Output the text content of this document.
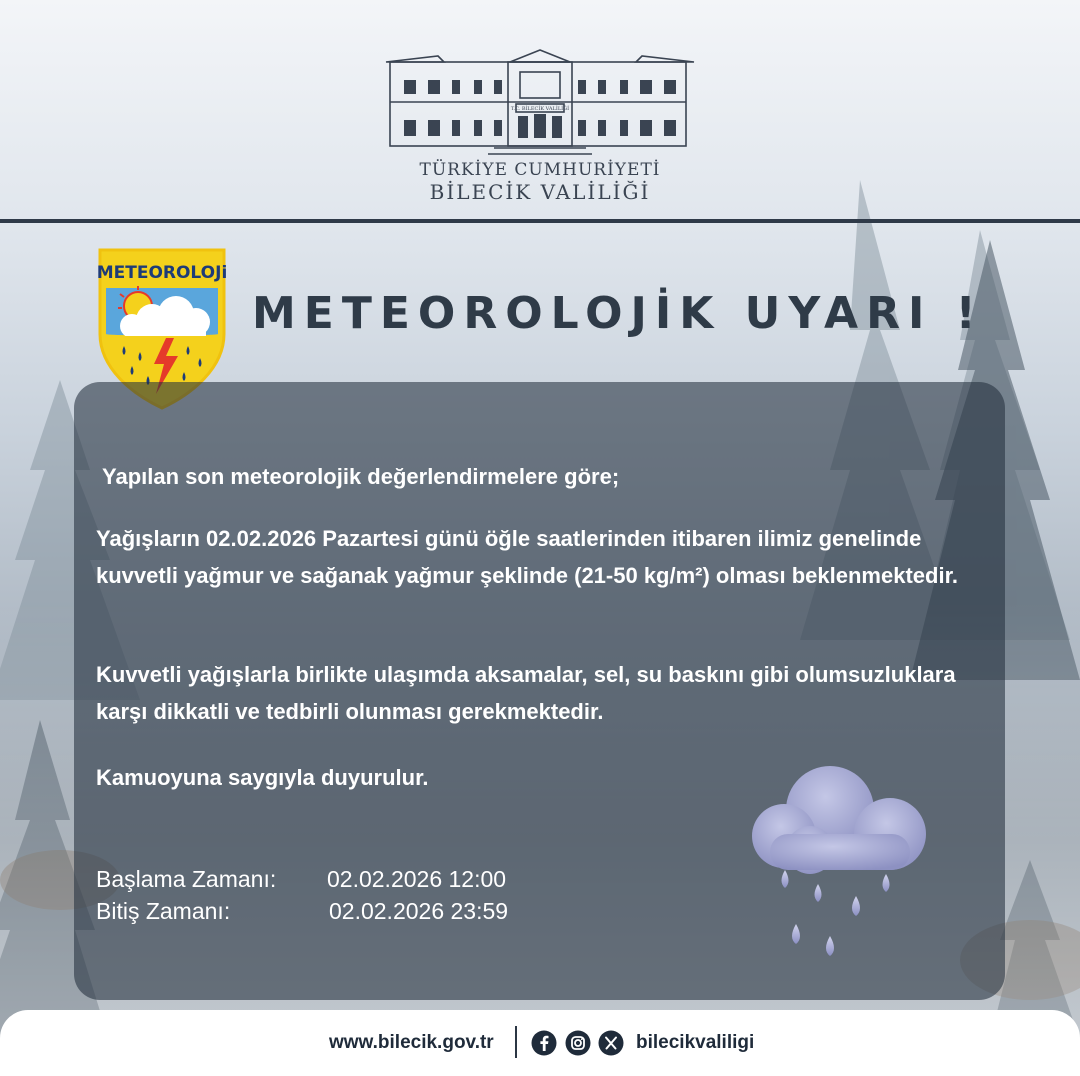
T.C. BİLECİK VALİLİĞİ
TÜRKİYE CUMHURİYETİ
BİLECİK VALİLİĞİ
METEOROLOJi
METEOROLOJİK UYARI !

Yapılan son meteorolojik değerlendirmelere göre;

Yağışların 02.02.2026 Pazartesi günü öğle saatlerinden itibaren ilimiz genelinde kuvvetli yağmur ve sağanak yağmur şeklinde (21-50 kg/m²) olması beklenmektedir.

Kuvvetli yağışlarla birlikte ulaşımda aksamalar, sel, su baskını gibi olumsuzluklara karşı dikkatli ve tedbirli olunması gerekmektedir.

Kamuoyuna saygıyla duyurulur.

Başlama Zamanı: 02.02.2026 12:00
Bitiş Zamanı:	02.02.2026 23:59
www.bilecik.gov.tr	bilecikvaliligi
